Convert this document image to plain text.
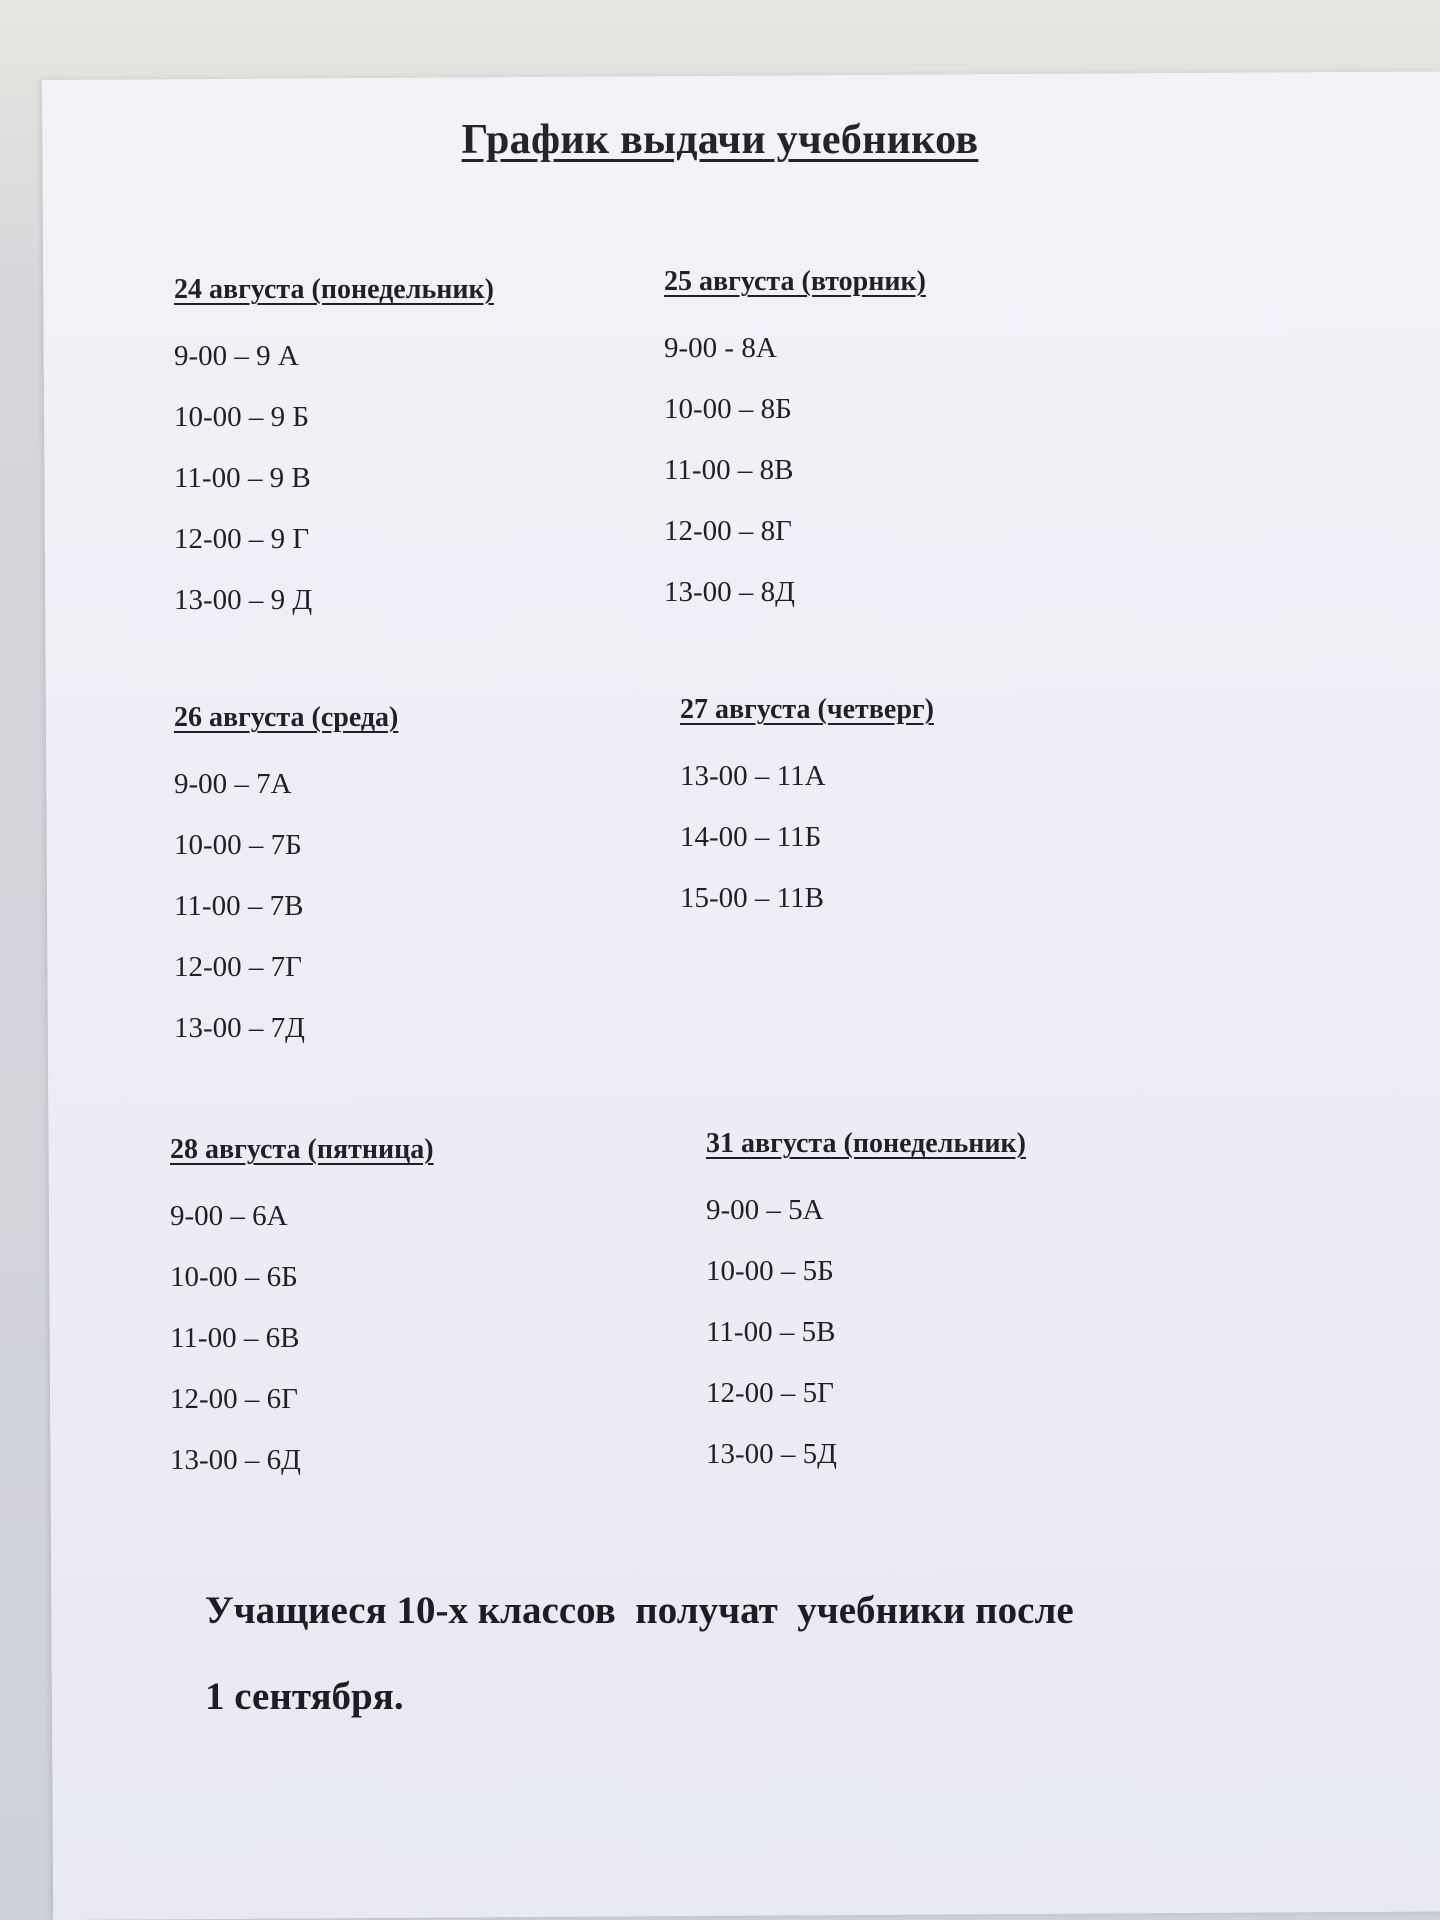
График выдачи учебников
24 августа (понедельник)
9-00 – 9 А
10-00 – 9 Б
11-00 – 9 В
12-00 – 9 Г
13-00 – 9 Д
25 августа (вторник)
9-00 - 8А
10-00 – 8Б
11-00 – 8В
12-00 – 8Г
13-00 – 8Д
26 августа (среда)
9-00 – 7А
10-00 – 7Б
11-00 – 7В
12-00 – 7Г
13-00 – 7Д
27 августа (четверг)
13-00 – 11А
14-00 – 11Б
15-00 – 11В
28 августа (пятница)
9-00 – 6А
10-00 – 6Б
11-00 – 6В
12-00 – 6Г
13-00 – 6Д
31 августа (понедельник)
9-00 – 5А
10-00 – 5Б
11-00 – 5В
12-00 – 5Г
13-00 – 5Д
Учащиеся 10-х классов  получат  учебники после
1 сентября.
